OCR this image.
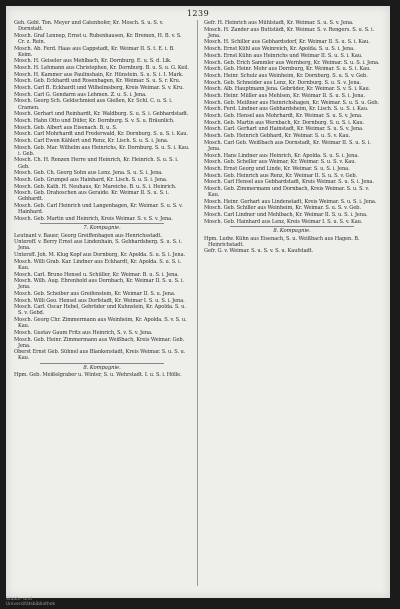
1239
Geh. Gebl. Ton. Meyer und Catenhofer, Kr. Mosch. S. u. S. v. Dornstatt.
Mosch. Graf Lennep, Ernst u. Rubenhausen, Kr. Bremen, H. B. v. S. Cr. z. Rein.
Mosch. Ab. Ferd. Haas aus Cappstadt, Kr. Weimar II. S. t. E. i. B. Keim.
Mosch. H. Geiseler aus Mehlbach, Kr. Dornburg. E. u. S. d. Lik.
Mosch. H. Lehmann aus Christophen, Kr. Dornburg. B. u. S. u. G. Keil.
Mosch. H. Kammer aus Paulinshain, Kr. Hünstein. S. u. S. i. I. Mark.
Mosch. Geb. Eckhardt und Rosenhagen, Kr. Weimar. S. u. S. r. Kru.
Mosch. Carl B. Eckhardt und Wilhelmsberg, Kreis Weimar. S. v. Kru.
Mosch. Carl G. Gendarm aus Lehmen. Z. u. S. i. Jena.
Mosch. Georg Sch. Geldschmied aus Gießen, Kr. Schl. C. u. S. i. Cramen.
Mosch. Gerhart und Reinhardt, Kr. Waldburg. S. u. S. i. Gebhardstadt.
Mosch. Hahn Otto und Düfer, Kr. Dornburg. S. v. S. u. Bräunlich.
Mosch. Geb. Albert aus Eisenach. B. u. S.
Mosch. Carl Mohrhardt und Frederwald, Kr. Dornburg. S. u. S. i. Kau.
Mosch. Carl Ewen Kählert und Renz, Kr. Lisch. S. u. S. i. Jena.
Mosch. Geb. Mar. Wilhelm aus Heinrichs, Kr. Dornburg. S. u. S. i. Kau. i. Geb.
Mosch. Ch. H. Renzen Herre und Heinrich, Kr. Heinrich. S. u. S. i. Geb.
Mosch. Geb. Ch. Georg Sohn aus Lenz. Jena. S. u. S. i. Jena.
Mosch. Geb. Grumpel aus Hainhard, Kr. Lisch. S. u. S. i. Jena.
Mosch. Geb. Kath. H. Neuhaus, Kr. Mareiche. B. u. S. i. Heinrich.
Mosch. Geb. Drahoschen aus Geraide. Kr. Weimar II. S. u. S. i. Gebhardt.
Mosch. Geb. Carl Heinrich und Langenhagen, Kr. Weimar. S. u. S. v. Hainhard.
Mosch. Geb. Martin und Heinrich, Kreis Weimar. S. v. S. v. Jena.
7. Kompagnie.
Leutnant v. Bauer, Georg Greiffenhagen aus Henrichsstadt.
Unteroff. v. Berry Ernst aus Lindenhain, S. Gebhardsberg. S. u. S. i. Jena.
Untersff. Joh. M. Klug Kopf aus Dornburg, Kr. Apolda. S. u. S. i. Jena.
Mosch. Willi Grab. Kar. Lindner aus Eckhardt, Kr. Apolda. S. u. S. i. Kau.
Mosch. Carl. Bruno Hensel u. Schüller, Kr. Weimar. B. u. S. i. Jena.
Mosch. Wilh. Aug. Ehrenhold aus Dornbach, Kr. Weimar II. S. u. S. i. Jena.
Mosch. Geb. Scheiber aus Greifenstein, Kr. Weimar II. S. u. Jena.
Mosch. Willi Geo. Hensel aus Dorfstadt, Kr. Weimar I. S. u. S. i. Jena.
Mosch. Carl. Oscar Hebel, Gebrüder und Kuhnstein, Kr. Apolda. S. u. S. v. Gebd.
Mosch. Georg Chr. Zimmermann aus Weinheim, Kr. Apolda. S. v. S. u. Kau.
Mosch. Gustav Gaum Fritz aus Heinrich, S. v. S. v. Jena.
Mosch. Geb. Heinr. Zimmermann aus Weißbach, Kreis Weimar. Geb. Jena.
Oberst Ernst Geb. Sühnel aus Blankenstadt, Kreis Weimar. S. u. S. u. Kau.
8. Kompagnie.
Hpm. Geb. Meißelgraber u. Winter, S. u. Wehrstadt. I. u. S. i. Hölle.
Gefr. H. Heinrich aus Mühlstadt, Kr. Weimar. S. u. S. v. Jena.
Mosch. H. Zander aus Buttstädt, Kr. Weimar. S. v. Rengers. S. u. S. i. Jena.
Mosch. H. Schiller aus Gebhardsdorf, Kr. Weimar II. S. u. S. i. Kau.
Mosch. Ernst Kühl aus Weinreich, Kr. Apolda. S. u. S. i. Jena.
Mosch. Ernst Kühn aus Heinrichs und Weimar II. S. u. S. i. Kau.
Mosch. Geb. Erich Sammler aus Wernberg, Kr. Weimar. S. u. S. i. Jena.
Mosch. Geb. Heinr. Mohr aus Dornburg, Kr. Weimar. S. u. S. i. Kau.
Mosch. Heinr. Schulz aus Weinheim, Kr. Dornburg. S. u. S. v. Geb.
Mosch. Geb. Schneider aus Lenz, Kr. Dornburg. S. u. S. v. Jena.
Mosch. Alb. Hauptmann Jena. Gebrüder, Kr. Weimar. S. v. S. i. Kau.
Mosch. Heinr. Müller aus Mehlsen, Kr. Weimar II. S. u. S. i. Jena.
Mosch. Geb. Meißner aus Heinrichshagen, Kr. Weimar. S. u. S. u. Geb.
Mosch. Ferd. Lindner aus Gebhardsheim, Kr. Lisch. S. u. S. i. Kau.
Mosch. Geb. Hensel aus Mohrhardt, Kr. Weimar. S. u. S. v. Jena.
Mosch. Geb. Martin aus Wernbach, Kr. Dornburg. S. u. S. i. Kau.
Mosch. Carl. Gerhart und Hainstadt, Kr. Weimar. S. u. S. v. Jena.
Mosch. Geb. Heinrich Gebhard, Kr. Weimar. S. u. S. v. Kau.
Mosch. Carl Geb. Weißbach aus Dornstadt, Kr. Weimar II. S. u. S. i. Jena.
Mosch. Hans Lindner aus Heinrich, Kr. Apolda. S. u. S. i. Jena.
Mosch. Geb. Scheller aus Weimar, Kr. Weimar. S. u. S. v. Kau.
Mosch. Ernst Georg und Linde, Kr. Weimar. S. u. S. i. Jena.
Mosch. Geb. Heinrich aus Renz, Kr. Weimar II. S. u. S. v. Geb.
Mosch. Carl Hensel aus Gebhardstadt, Kreis Weimar. S. u. S. i. Jena.
Mosch. Geb. Zimmermann und Dornbach, Kreis Weimar. S. u. S. v. Kau.
Mosch. Heinr. Gerhart aus Lindenstadt, Kreis Weimar. S. u. S. i. Jena.
Mosch. Geb. Schiller aus Weinheim, Kr. Weimar. S. u. S. v. Geb.
Mosch. Carl Lindner und Mehlbach, Kr. Weimar II. S. u. S. i. Jena.
Mosch. Geb. Hainhard aus Lenz, Kreis Weimar I. S. u. S. v. Kau.
8. Kompagnie.
Hpm. Ludw. Kühn aus Eisenach, S. u. Weißbach aus Hagen. B. Heinrichstadt.
Gefr. G. v. Weimar. S. u. S. v. S. u. Kaufstadt.
Staats- und
Universitätsbibliothek
